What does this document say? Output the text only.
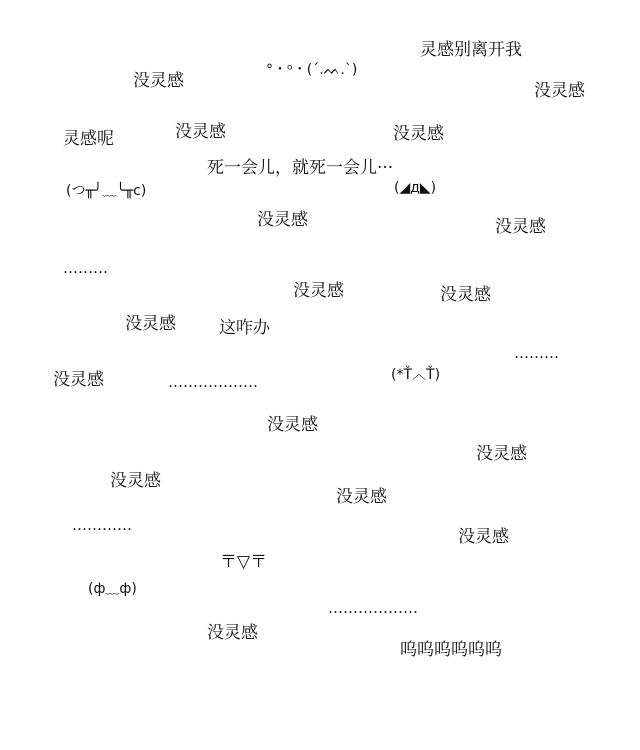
灵感别离开我
°・ᵒ・(ˊ.ᨓ.ˋ)
没灵感	没灵感
灵感呢	没灵感	没灵感
死一会儿，就死一会儿···
(つ╥╯﹏╰╥c)	(◢д◣)
没灵感	没灵感
………
没灵感	没灵感
没灵感	这咋办
………
没灵感	………………	(*Ť︿Ť)
没灵感
没灵感
没灵感
没灵感
…………
没灵感
〒▽〒
(ф﹏ф)
………………
没灵感
呜呜呜呜呜呜
